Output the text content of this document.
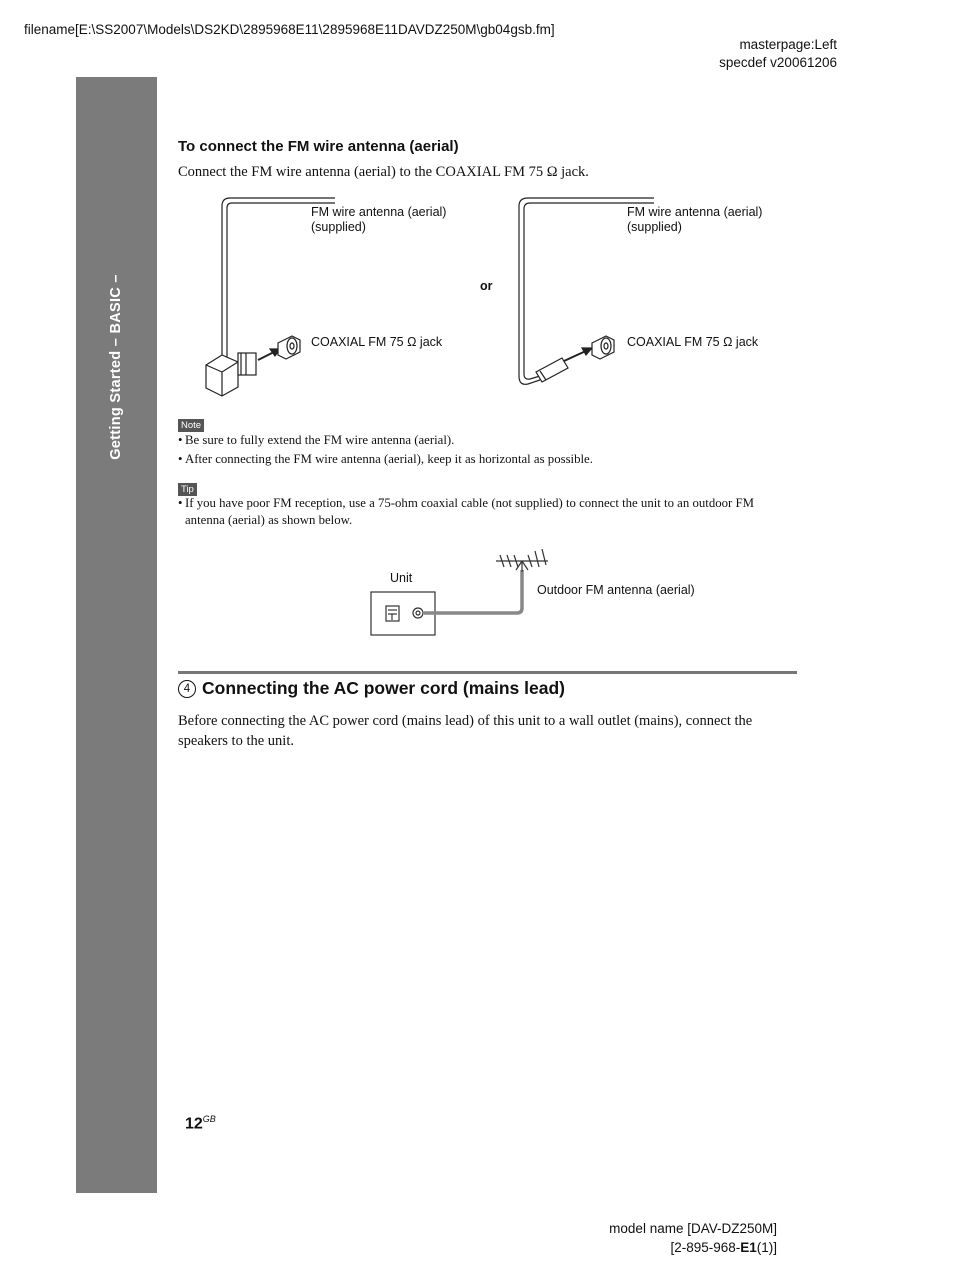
filename[E:\SS2007\Models\DS2KD\2895968E11\2895968E11DAVDZ250M\gb04gsb.fm]
masterpage:Left
specdef v20061206
Getting Started – BASIC –
To connect the FM wire antenna (aerial)
Connect the FM wire antenna (aerial) to the COAXIAL FM 75 Ω jack.
FM wire antenna (aerial)
(supplied)
COAXIAL FM 75 Ω jack
or
FM wire antenna (aerial)
(supplied)
COAXIAL FM 75 Ω jack
Note
• Be sure to fully extend the FM wire antenna (aerial).
• After connecting the FM wire antenna (aerial), keep it as horizontal as possible.
Tip
• If you have poor FM reception, use a 75-ohm coaxial cable (not supplied) to connect the unit to an outdoor FM
antenna (aerial) as shown below.
Unit
Outdoor FM antenna (aerial)
4 Connecting the AC power cord (mains lead)
Before connecting the AC power cord (mains lead) of this unit to a wall outlet (mains), connect the speakers to the unit.
$12^{GB}$
model name [DAV-DZ250M]
[2-895-968-E1(1)]
